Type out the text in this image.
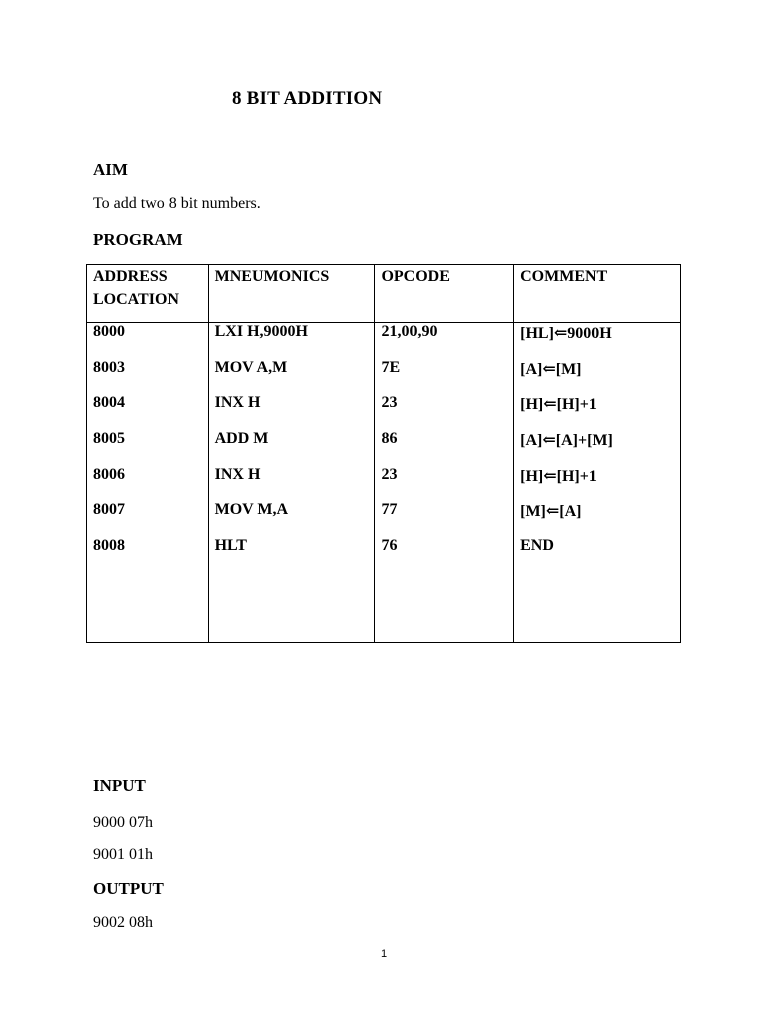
8 BIT ADDITION
AIM
To add two 8 bit numbers.
PROGRAM
ADDRESS
LOCATION	MNEUMONICS	OPCODE	COMMENT

8000	LXI H,9000H	21,00,90	[HL]⇐9000H
8003	MOV A,M	7E	[A]⇐[M]
8004	INX H	23	[H]⇐[H]+1
8005	ADD M	86	[A]⇐[A]+[M]
8006	INX H	23	[H]⇐[H]+1
8007	MOV M,A	77	[M]⇐[A]
8008	HLT	76	END

INPUT
9000 07h
9001 01h
OUTPUT
9002 08h
1
